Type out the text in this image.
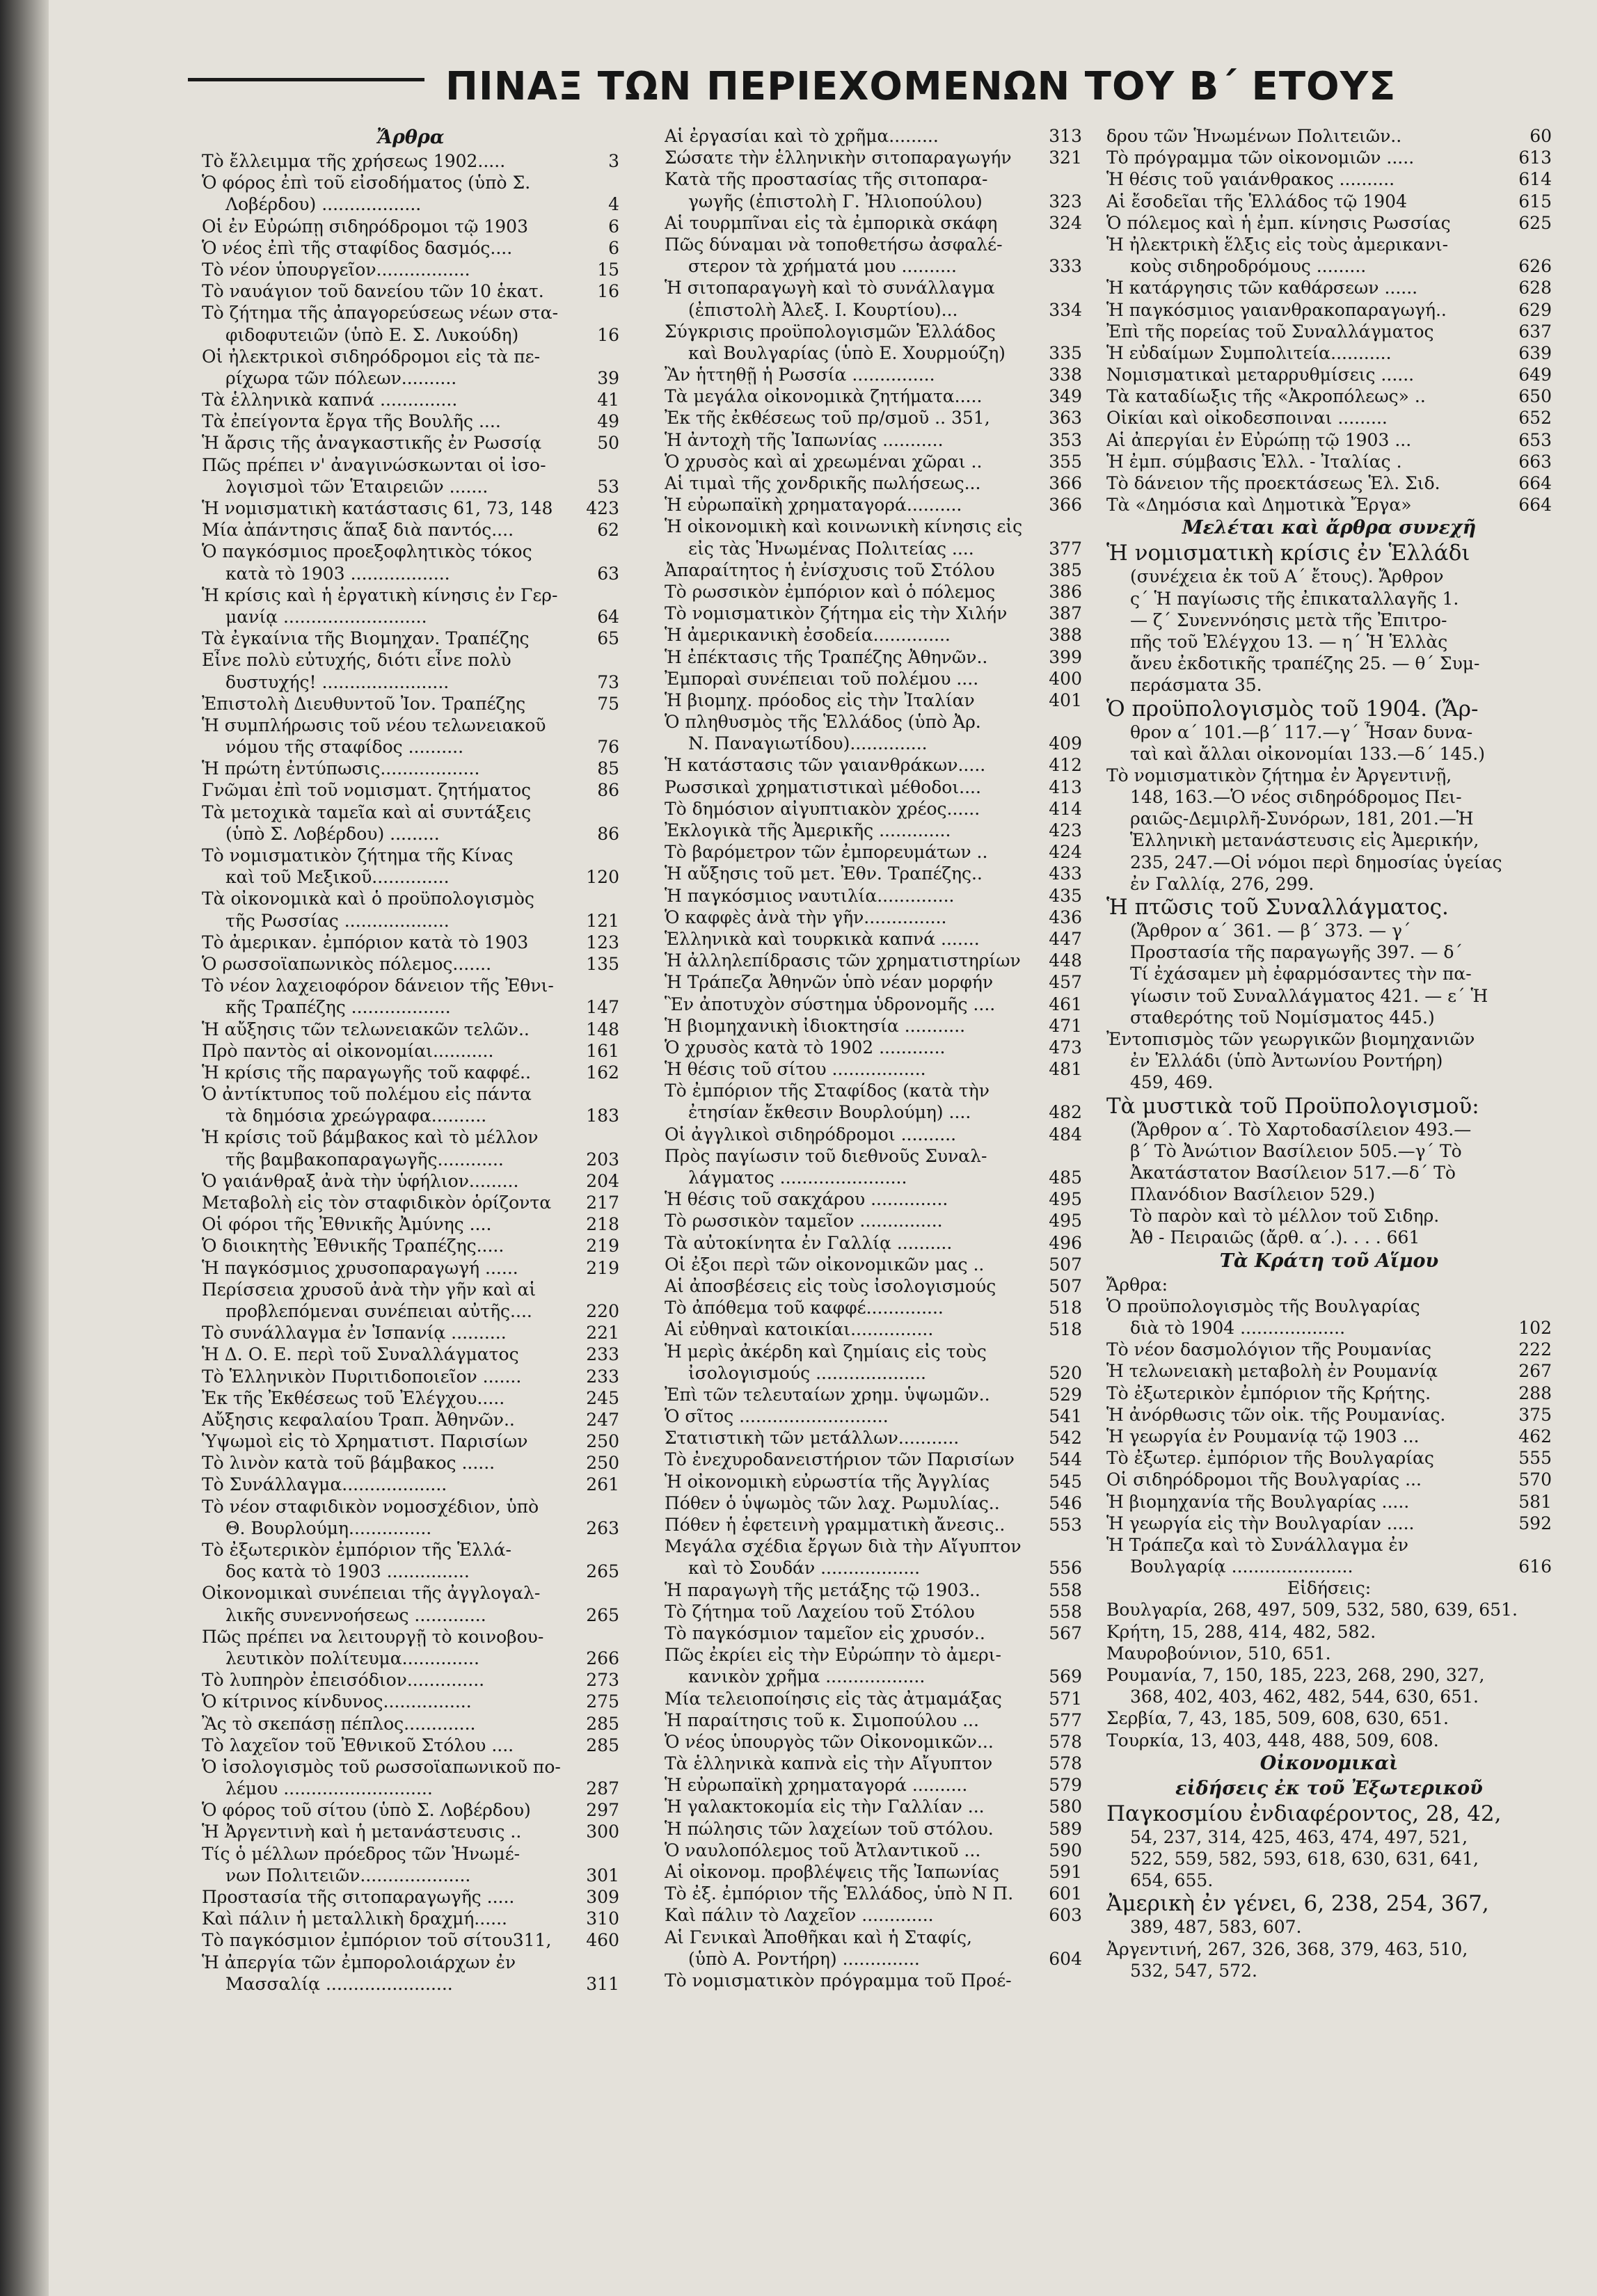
ΠΙΝΑΞ ΤΩΝ ΠΕΡΙΕΧΟΜΕΝΩΝ ΤΟΥ Β΄ ΕΤΟΥΣ
Ἄρθρα
Τὸ ἔλλειμμα τῆς χρήσεως 1902.....	3
Ὁ φόρος ἐπὶ τοῦ εἰσοδήματος (ὑπὸ Σ.
Λοβέρδου) ..................	4
Οἱ ἐν Εὐρώπῃ σιδηρόδρομοι τῷ 1903	6
Ὁ νέος ἐπὶ τῆς σταφίδος δασμός....	6
Τὸ νέον ὑπουργεῖον.................	15
Τὸ ναυάγιον τοῦ δανείου τῶν 10 ἑκατ.	16
Τὸ ζήτημα τῆς ἀπαγορεύσεως νέων στα-
φιδοφυτειῶν (ὑπὸ Ε. Σ. Λυκούδη)	16
Οἱ ἠλεκτρικοὶ σιδηρόδρομοι εἰς τὰ πε-
ρίχωρα τῶν πόλεων..........	39
Τὰ ἑλληνικὰ καπνά ..............	41
Τὰ ἐπείγοντα ἔργα τῆς Βουλῆς ....	49
Ἡ ἄρσις τῆς ἀναγκαστικῆς ἐν Ρωσσίᾳ	50
Πῶς πρέπει ν' ἀναγινώσκωνται οἱ ἰσο-
λογισμοὶ τῶν Ἑταιρειῶν .......	53
Ἡ νομισματικὴ κατάστασις 61, 73, 148	423
Μία ἀπάντησις ἅπαξ διὰ παντός....	62
Ὁ παγκόσμιος προεξοφλητικὸς τόκος
κατὰ τὸ 1903 ..................	63
Ἡ κρίσις καὶ ἡ ἐργατικὴ κίνησις ἐν Γερ-
μανίᾳ ..........................	64
Τὰ ἐγκαίνια τῆς Βιομηχαν. Τραπέζης	65
Εἶνε πολὺ εὐτυχής, διότι εἶνε πολὺ
δυστυχής! .......................	73
Ἐπιστολὴ Διευθυντοῦ Ἰον. Τραπέζης	75
Ἡ συμπλήρωσις τοῦ νέου τελωνειακοῦ
νόμου τῆς σταφίδος ..........	76
Ἡ πρώτη ἐντύπωσις..................	85
Γνῶμαι ἐπὶ τοῦ νομισματ. ζητήματος	86
Τὰ μετοχικὰ ταμεῖα καὶ αἱ συντάξεις
(ὑπὸ Σ. Λοβέρδου) .........	86
Τὸ νομισματικὸν ζήτημα τῆς Κίνας
καὶ τοῦ Μεξικοῦ..............	120
Τὰ οἰκονομικὰ καὶ ὁ προϋπολογισμὸς
τῆς Ρωσσίας ...................	121
Τὸ ἀμερικαν. ἐμπόριον κατὰ τὸ 1903	123
Ὁ ρωσσοϊαπωνικὸς πόλεμος.......	135
Τὸ νέον λαχειοφόρον δάνειον τῆς Ἐθνι-
κῆς Τραπέζης ..................	147
Ἡ αὔξησις τῶν τελωνειακῶν τελῶν..	148
Πρὸ παντὸς αἱ οἰκονομίαι...........	161
Ἡ κρίσις τῆς παραγωγῆς τοῦ καφφέ..	162
Ὁ ἀντίκτυπος τοῦ πολέμου εἰς πάντα
τὰ δημόσια χρεώγραφα..........	183
Ἡ κρίσις τοῦ βάμβακος καὶ τὸ μέλλον
τῆς βαμβακοπαραγωγῆς............	203
Ὁ γαιάνθραξ ἀνὰ τὴν ὑφήλιον.........	204
Μεταβολὴ εἰς τὸν σταφιδικὸν ὁρίζοντα	217
Οἱ φόροι τῆς Ἐθνικῆς Ἀμύνης ....	218
Ὁ διοικητὴς Ἐθνικῆς Τραπέζης.....	219
Ἡ παγκόσμιος χρυσοπαραγωγή ......	219
Περίσσεια χρυσοῦ ἀνὰ τὴν γῆν καὶ αἱ
προβλεπόμεναι συνέπειαι αὐτῆς....	220
Τὸ συνάλλαγμα ἐν Ἱσπανίᾳ ..........	221
Ἡ Δ. Ο. Ε. περὶ τοῦ Συναλλάγματος	233
Τὸ Ἑλληνικὸν Πυριτιδοποιεῖον .......	233
Ἐκ τῆς Ἐκθέσεως τοῦ Ἐλέγχου.....	245
Αὔξησις κεφαλαίου Τραπ. Ἀθηνῶν..	247
Ὑψωμοὶ εἰς τὸ Χρηματιστ. Παρισίων	250
Τὸ λινὸν κατὰ τοῦ βάμβακος ......	250
Τὸ Συνάλλαγμα...................	261
Τὸ νέον σταφιδικὸν νομοσχέδιον, ὑπὸ
Θ. Βουρλούμη...............	263
Τὸ ἐξωτερικὸν ἐμπόριον τῆς Ἑλλά-
δος κατὰ τὸ 1903 ...............	265
Οἰκονομικαὶ συνέπειαι τῆς ἀγγλογαλ-
λικῆς συνεννοήσεως .............	265
Πῶς πρέπει να λειτουργῇ τὸ κοινοβου-
λευτικὸν πολίτευμα..............	266
Τὸ λυπηρὸν ἐπεισόδιον..............	273
Ὁ κίτρινος κίνδυνος................	275
Ἂς τὸ σκεπάσῃ πέπλος.............	285
Τὸ λαχεῖον τοῦ Ἐθνικοῦ Στόλου ....	285
Ὁ ἰσολογισμὸς τοῦ ρωσσοϊαπωνικοῦ πο-
λέμου ...........................	287
Ὁ φόρος τοῦ σίτου (ὑπὸ Σ. Λοβέρδου)	297
Ἡ Ἀργεντινὴ καὶ ἡ μετανάστευσις ..	300
Τίς ὁ μέλλων πρόεδρος τῶν Ἡνωμέ-
νων Πολιτειῶν....................	301
Προστασία τῆς σιτοπαραγωγῆς .....	309
Καὶ πάλιν ἡ μεταλλικὴ δραχμή......	310
Τὸ παγκόσμιον ἐμπόριον τοῦ σίτου311,	460
Ἡ ἀπεργία τῶν ἐμπορολοιάρχων ἐν
Μασσαλίᾳ .......................	311
Αἱ ἐργασίαι καὶ τὸ χρῆμα.........	313
Σώσατε τὴν ἑλληνικὴν σιτοπαραγωγήν	321
Κατὰ τῆς προστασίας τῆς σιτοπαρα-
γωγῆς (ἐπιστολὴ Γ. Ἠλιοπούλου)	323
Αἱ τουρμπῖναι εἰς τὰ ἐμπορικὰ σκάφη	324
Πῶς δύναμαι νὰ τοποθετήσω ἀσφαλέ-
στερον τὰ χρήματά μου ..........	333
Ἡ σιτοπαραγωγὴ καὶ τὸ συνάλλαγμα
(ἐπιστολὴ Ἀλεξ. Ι. Κουρτίου)...	334
Σύγκρισις προϋπολογισμῶν Ἑλλάδος
καὶ Βουλγαρίας (ὑπὸ Ε. Χουρμούζη)	335
Ἂν ἡττηθῇ ἡ Ρωσσία ...............	338
Τὰ μεγάλα οἰκονομικὰ ζητήματα.....	349
Ἐκ τῆς ἐκθέσεως τοῦ πρ/σμοῦ .. 351,	363
Ἡ ἀντοχὴ τῆς Ἰαπωνίας ...........	353
Ὁ χρυσὸς καὶ αἱ χρεωμέναι χῶραι ..	355
Αἱ τιμαὶ τῆς χονδρικῆς πωλήσεως...	366
Ἡ εὐρωπαϊκὴ χρηματαγορά..........	366
Ἡ οἰκονομικὴ καὶ κοινωνικὴ κίνησις εἰς
εἰς τὰς Ἡνωμένας Πολιτείας ....	377
Ἀπαραίτητος ἡ ἐνίσχυσις τοῦ Στόλου	385
Τὸ ρωσσικὸν ἐμπόριον καὶ ὁ πόλεμος	386
Τὸ νομισματικὸν ζήτημα εἰς τὴν Χιλήν	387
Ἡ ἀμερικανικὴ ἐσοδεία..............	388
Ἡ ἐπέκτασις τῆς Τραπέζης Ἀθηνῶν..	399
Ἐμποραὶ συνέπειαι τοῦ πολέμου ....	400
Ἡ βιομηχ. πρόοδος εἰς τὴν Ἰταλίαν	401
Ὁ πληθυσμὸς τῆς Ἑλλάδος (ὑπὸ Ἀρ.
Ν. Παναγιωτίδου)..............	409
Ἡ κατάστασις τῶν γαιανθράκων.....	412
Ρωσσικαὶ χρηματιστικαὶ μέθοδοι....	413
Τὸ δημόσιον αἰγυπτιακὸν χρέος......	414
Ἐκλογικὰ τῆς Ἀμερικῆς .............	423
Τὸ βαρόμετρον τῶν ἐμπορευμάτων ..	424
Ἡ αὔξησις τοῦ μετ. Ἐθν. Τραπέζης..	433
Ἡ παγκόσμιος ναυτιλία..............	435
Ὁ καφφὲς ἀνὰ τὴν γῆν...............	436
Ἑλληνικὰ καὶ τουρκικὰ καπνά .......	447
Ἡ ἀλληλεπίδρασις τῶν χρηματιστηρίων	448
Ἡ Τράπεζα Ἀθηνῶν ὑπὸ νέαν μορφήν	457
Ἓν ἀποτυχὸν σύστημα ὑδρονομῆς ....	461
Ἡ βιομηχανικὴ ἰδιοκτησία ...........	471
Ὁ χρυσὸς κατὰ τὸ 1902 ............	473
Ἡ θέσις τοῦ σίτου .................	481
Τὸ ἐμπόριον τῆς Σταφίδος (κατὰ τὴν
ἐτησίαν ἔκθεσιν Βουρλούμη) ....	482
Οἱ ἀγγλικοὶ σιδηρόδρομοι ..........	484
Πρὸς παγίωσιν τοῦ διεθνοῦς Συναλ-
λάγματος .......................	485
Ἡ θέσις τοῦ σακχάρου ..............	495
Τὸ ρωσσικὸν ταμεῖον ...............	495
Τὰ αὐτοκίνητα ἐν Γαλλίᾳ ..........	496
Οἱ ἐξοι περὶ τῶν οἰκονομικῶν μας ..	507
Αἱ ἀποσβέσεις εἰς τοὺς ἰσολογισμούς	507
Τὸ ἀπόθεμα τοῦ καφφέ..............	518
Αἱ εὐθηναὶ κατοικίαι...............	518
Ἡ μερὶς ἀκέρδη καὶ ζημίαις εἰς τοὺς
ἰσολογισμούς ....................	520
Ἐπὶ τῶν τελευταίων χρημ. ὑψωμῶν..	529
Ὁ σῖτος ...........................	541
Στατιστικὴ τῶν μετάλλων...........	542
Τὸ ἐνεχυροδανειστήριον τῶν Παρισίων	544
Ἡ οἰκονομικὴ εὐρωστία τῆς Ἀγγλίας	545
Πόθεν ὁ ὑψωμὸς τῶν λαχ. Ρωμυλίας..	546
Πόθεν ἡ ἐφετεινὴ γραμματικὴ ἄνεσις..	553
Μεγάλα σχέδια ἔργων διὰ τὴν Αἴγυπτον
καὶ τὸ Σουδάν ..................	556
Ἡ παραγωγὴ τῆς μετάξης τῷ 1903..	558
Τὸ ζήτημα τοῦ Λαχείου τοῦ Στόλου	558
Τὸ παγκόσμιον ταμεῖον εἰς χρυσόν..	567
Πῶς ἐκρίει εἰς τὴν Εὐρώπην τὸ ἀμερι-
κανικὸν χρῆμα ..................	569
Μία τελειοποίησις εἰς τὰς ἀτμαμάξας	571
Ἡ παραίτησις τοῦ κ. Σιμοπούλου ...	577
Ὁ νέος ὑπουργὸς τῶν Οἰκονομικῶν...	578
Τὰ ἑλληνικὰ καπνὰ εἰς τὴν Αἴγυπτον	578
Ἡ εὐρωπαϊκὴ χρηματαγορά ..........	579
Ἡ γαλακτοκομία εἰς τὴν Γαλλίαν ...	580
Ἡ πώλησις τῶν λαχείων τοῦ στόλου.	589
Ὁ ναυλοπόλεμος τοῦ Ἀτλαντικοῦ ...	590
Αἱ οἰκονομ. προβλέψεις τῆς Ἰαπωνίας	591
Τὸ ἐξ. ἐμπόριον τῆς Ἑλλάδος, ὑπὸ Ν Π.	601
Καὶ πάλιν τὸ Λαχεῖον .............	603
Αἱ Γενικαὶ Ἀποθῆκαι καὶ ἡ Σταφίς,
(ὑπὸ Α. Ροντήρη) ..............	604
Τὸ νομισματικὸν πρόγραμμα τοῦ Προέ-
δρου τῶν Ἡνωμένων Πολιτειῶν..	60
Τὸ πρόγραμμα τῶν οἰκονομιῶν .....	613
Ἡ θέσις τοῦ γαιάνθρακος ..........	614
Αἱ ἔσοδεῖαι τῆς Ἑλλάδος τῷ 1904	615
Ὁ πόλεμος καὶ ἡ ἐμπ. κίνησις Ρωσσίας	625
Ἡ ἠλεκτρικὴ ἕλξις εἰς τοὺς ἀμερικανι-
κοὺς σιδηροδρόμους .........	626
Ἡ κατάργησις τῶν καθάρσεων ......	628
Ἡ παγκόσμιος γαιανθρακοπαραγωγή..	629
Ἐπὶ τῆς πορείας τοῦ Συναλλάγματος	637
Ἡ εὐδαίμων Συμπολιτεία...........	639
Νομισματικαὶ μεταρρυθμίσεις ......	649
Τὰ καταδίωξις τῆς «Ἀκροπόλεως» ..	650
Οἰκίαι καὶ οἰκοδεσποιναι .........	652
Αἱ ἀπεργίαι ἐν Εὐρώπῃ τῷ 1903 ...	653
Ἡ ἐμπ. σύμβασις Ἑλλ. - Ἰταλίας .	663
Τὸ δάνειον τῆς προεκτάσεως Ἑλ. Σιδ.	664
Τὰ «Δημόσια καὶ Δημοτικὰ Ἔργα»	664
Μελέται καὶ ἄρθρα συνεχῆ
Ἡ νομισματικὴ κρίσις ἐν Ἑλλάδι
(συνέχεια ἐκ τοῦ Α΄ ἔτους). Ἄρθρον
ς΄ Ἡ παγίωσις τῆς ἐπικαταλλαγῆς 1.
— ζ΄ Συνεννόησις μετὰ τῆς Ἐπιτρο-
πῆς τοῦ Ἐλέγχου 13. — η΄ Ἡ Ἑλλὰς
ἄνευ ἐκδοτικῆς τραπέζης 25. — θ΄ Συμ-
περάσματα 35.
Ὁ προϋπολογισμὸς τοῦ 1904. (Ἄρ-
θρον α΄ 101.—β΄ 117.—γ΄ Ἦσαν δυνα-
ταὶ καὶ ἄλλαι οἰκονομίαι 133.—δ΄ 145.)
Τὸ νομισματικὸν ζήτημα ἐν Ἀργεντινῇ,
148, 163.—Ὁ νέος σιδηρόδρομος Πει-
ραιῶς-Δεμιρλῆ-Συνόρων, 181, 201.—Ἡ
Ἑλληνικὴ μετανάστευσις εἰς Ἀμερικήν,
235, 247.—Οἱ νόμοι περὶ δημοσίας ὑγείας
ἐν Γαλλίᾳ, 276, 299.
Ἡ πτῶσις τοῦ Συναλλάγματος.
(Ἄρθρον α΄ 361. — β΄ 373. — γ΄
Προστασία τῆς παραγωγῆς 397. — δ΄
Τί ἐχάσαμεν μὴ ἐφαρμόσαντες τὴν πα-
γίωσιν τοῦ Συναλλάγματος 421. — ε΄ Ἡ
σταθερότης τοῦ Νομίσματος 445.)
Ἐντοπισμὸς τῶν γεωργικῶν βιομηχανιῶν
ἐν Ἑλλάδι (ὑπὸ Ἀντωνίου Ροντήρη)
459, 469.
Τὰ μυστικὰ τοῦ Προϋπολογισμοῦ:
(Ἄρθρον α΄. Τὸ Χαρτοδασίλειον 493.—
β΄ Τὸ Ἀνώτιον Βασίλειον 505.—γ΄ Τὸ
Ἀκατάστατον Βασίλειον 517.—δ΄ Τὸ
Πλανόδιον Βασίλειον 529.)
Τὸ παρὸν καὶ τὸ μέλλον τοῦ Σιδηρ.
Ἀθ - Πειραιῶς (ἄρθ. α΄.). . . . 661
Τὰ Κράτη τοῦ Αἵμου
Ἄρθρα:
Ὁ προϋπολογισμὸς τῆς Βουλγαρίας
διὰ τὸ 1904 ...................	102
Τὸ νέον δασμολόγιον τῆς Ρουμανίας	222
Ἡ τελωνειακὴ μεταβολὴ ἐν Ρουμανίᾳ	267
Τὸ ἐξωτερικὸν ἐμπόριον τῆς Κρήτης.	288
Ἡ ἀνόρθωσις τῶν οἰκ. τῆς Ρουμανίας.	375
Ἡ γεωργία ἐν Ρουμανίᾳ τῷ 1903 ...	462
Τὸ ἐξωτερ. ἐμπόριον τῆς Βουλγαρίας	555
Οἱ σιδηρόδρομοι τῆς Βουλγαρίας ...	570
Ἡ βιομηχανία τῆς Βουλγαρίας .....	581
Ἡ γεωργία εἰς τὴν Βουλγαρίαν .....	592
Ἡ Τράπεζα καὶ τὸ Συνάλλαγμα ἐν
Βουλγαρίᾳ ......................	616
Εἰδήσεις:
Βουλγαρία, 268, 497, 509, 532, 580, 639, 651.
Κρήτη, 15, 288, 414, 482, 582.
Μαυροβούνιον, 510, 651.
Ρουμανία, 7, 150, 185, 223, 268, 290, 327,
368, 402, 403, 462, 482, 544, 630, 651.
Σερβία, 7, 43, 185, 509, 608, 630, 651.
Τουρκία, 13, 403, 448, 488, 509, 608.
Οἰκονομικαὶ
εἰδήσεις ἐκ τοῦ Ἐξωτερικοῦ
Παγκοσμίου ἐνδιαφέροντος, 28, 42,
54, 237, 314, 425, 463, 474, 497, 521,
522, 559, 582, 593, 618, 630, 631, 641,
654, 655.
Ἀμερικὴ ἐν γένει, 6, 238, 254, 367,
389, 487, 583, 607.
Ἀργεντινή, 267, 326, 368, 379, 463, 510,
532, 547, 572.
